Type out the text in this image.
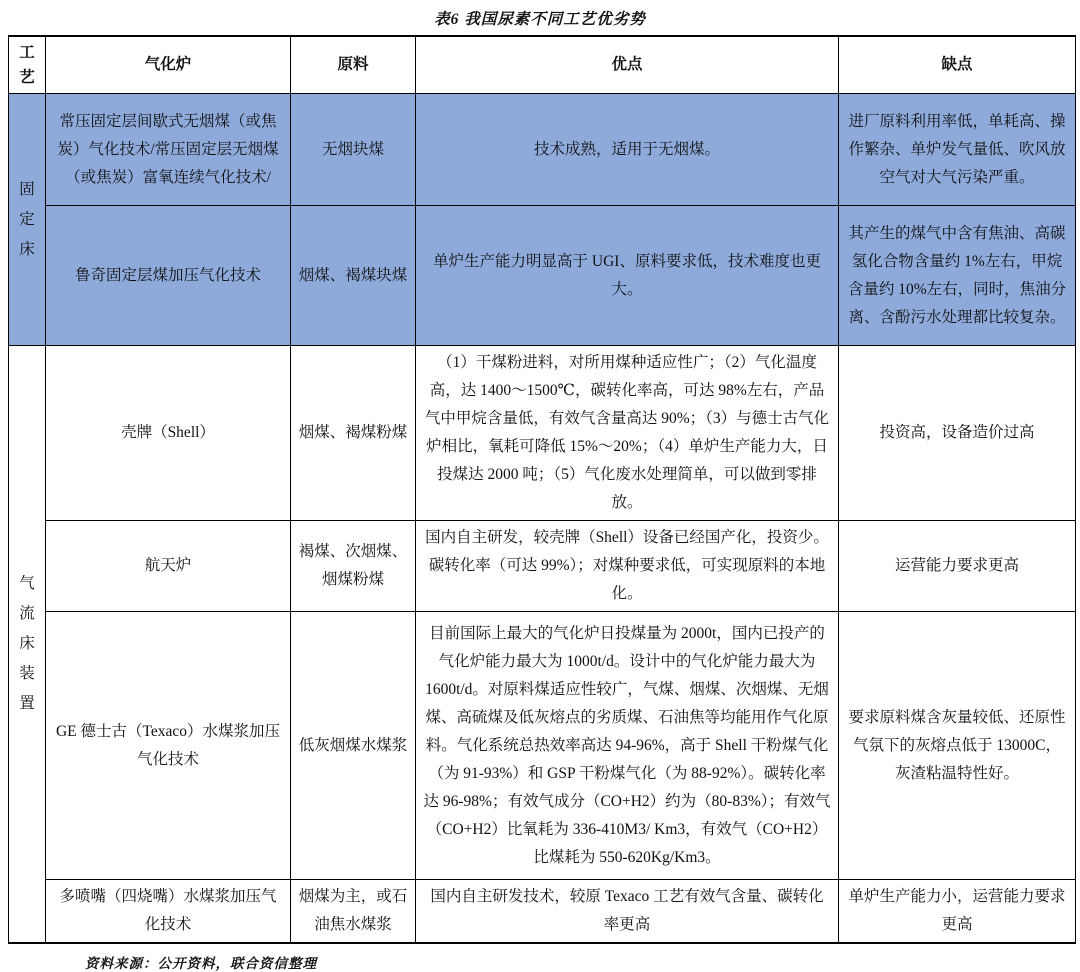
表6 我国尿素不同工艺优劣势
工艺	气化炉	原料	优点	缺点

固定床	常压固定层间歇式无烟煤（或焦炭）气化技术/常压固定层无烟煤（或焦炭）富氧连续气化技术/	无烟块煤	技术成熟，适用于无烟煤。	进厂原料利用率低，单耗高、操作繁杂、单炉发气量低、吹风放空气对大气污染严重。
	鲁奇固定层煤加压气化技术	烟煤、褐煤块煤	单炉生产能力明显高于 UGI、原料要求低，技术难度也更大。	其产生的煤气中含有焦油、高碳氢化合物含量约 1%左右，甲烷含量约 10%左右，同时，焦油分离、含酚污水处理都比较复杂。

气流床装置	壳牌（Shell）	烟煤、褐煤粉煤	（1）干煤粉进料，对所用煤种适应性广；（2）气化温度高，达 1400～1500℃，碳转化率高，可达 98%左右，产品气中甲烷含量低，有效气含量高达 90%；（3）与德士古气化炉相比，氧耗可降低 15%～20%；（4）单炉生产能力大，日投煤达 2000 吨；（5）气化废水处理简单，可以做到零排放。	投资高，设备造价过高
	航天炉	褐煤、次烟煤、烟煤粉煤	国内自主研发，较壳牌（Shell）设备已经国产化，投资少。碳转化率（可达 99%）；对煤种要求低，可实现原料的本地化。	运营能力要求更高
	GE 德士古（Texaco）水煤浆加压气化技术	低灰烟煤水煤浆	目前国际上最大的气化炉日投煤量为 2000t，国内已投产的气化炉能力最大为 1000t/d。设计中的气化炉能力最大为 1600t/d。对原料煤适应性较广，气煤、烟煤、次烟煤、无烟煤、高硫煤及低灰熔点的劣质煤、石油焦等均能用作气化原料。气化系统总热效率高达 94-96%，高于 Shell 干粉煤气化（为 91-93%）和 GSP 干粉煤气化（为 88-92%）。碳转化率达 96-98%；有效气成分（CO+H2）约为（80-83%）；有效气（CO+H2）比氧耗为 336-410M3/ Km3，有效气（CO+H2）比煤耗为 550-620Kg/Km3。	要求原料煤含灰量较低、还原性气氛下的灰熔点低于 13000C，灰渣粘温特性好。
	多喷嘴（四烧嘴）水煤浆加压气化技术	烟煤为主，或石油焦水煤浆	国内自主研发技术，较原 Texaco 工艺有效气含量、碳转化率更高	单炉生产能力小，运营能力要求更高
资料来源：公开资料，联合资信整理
